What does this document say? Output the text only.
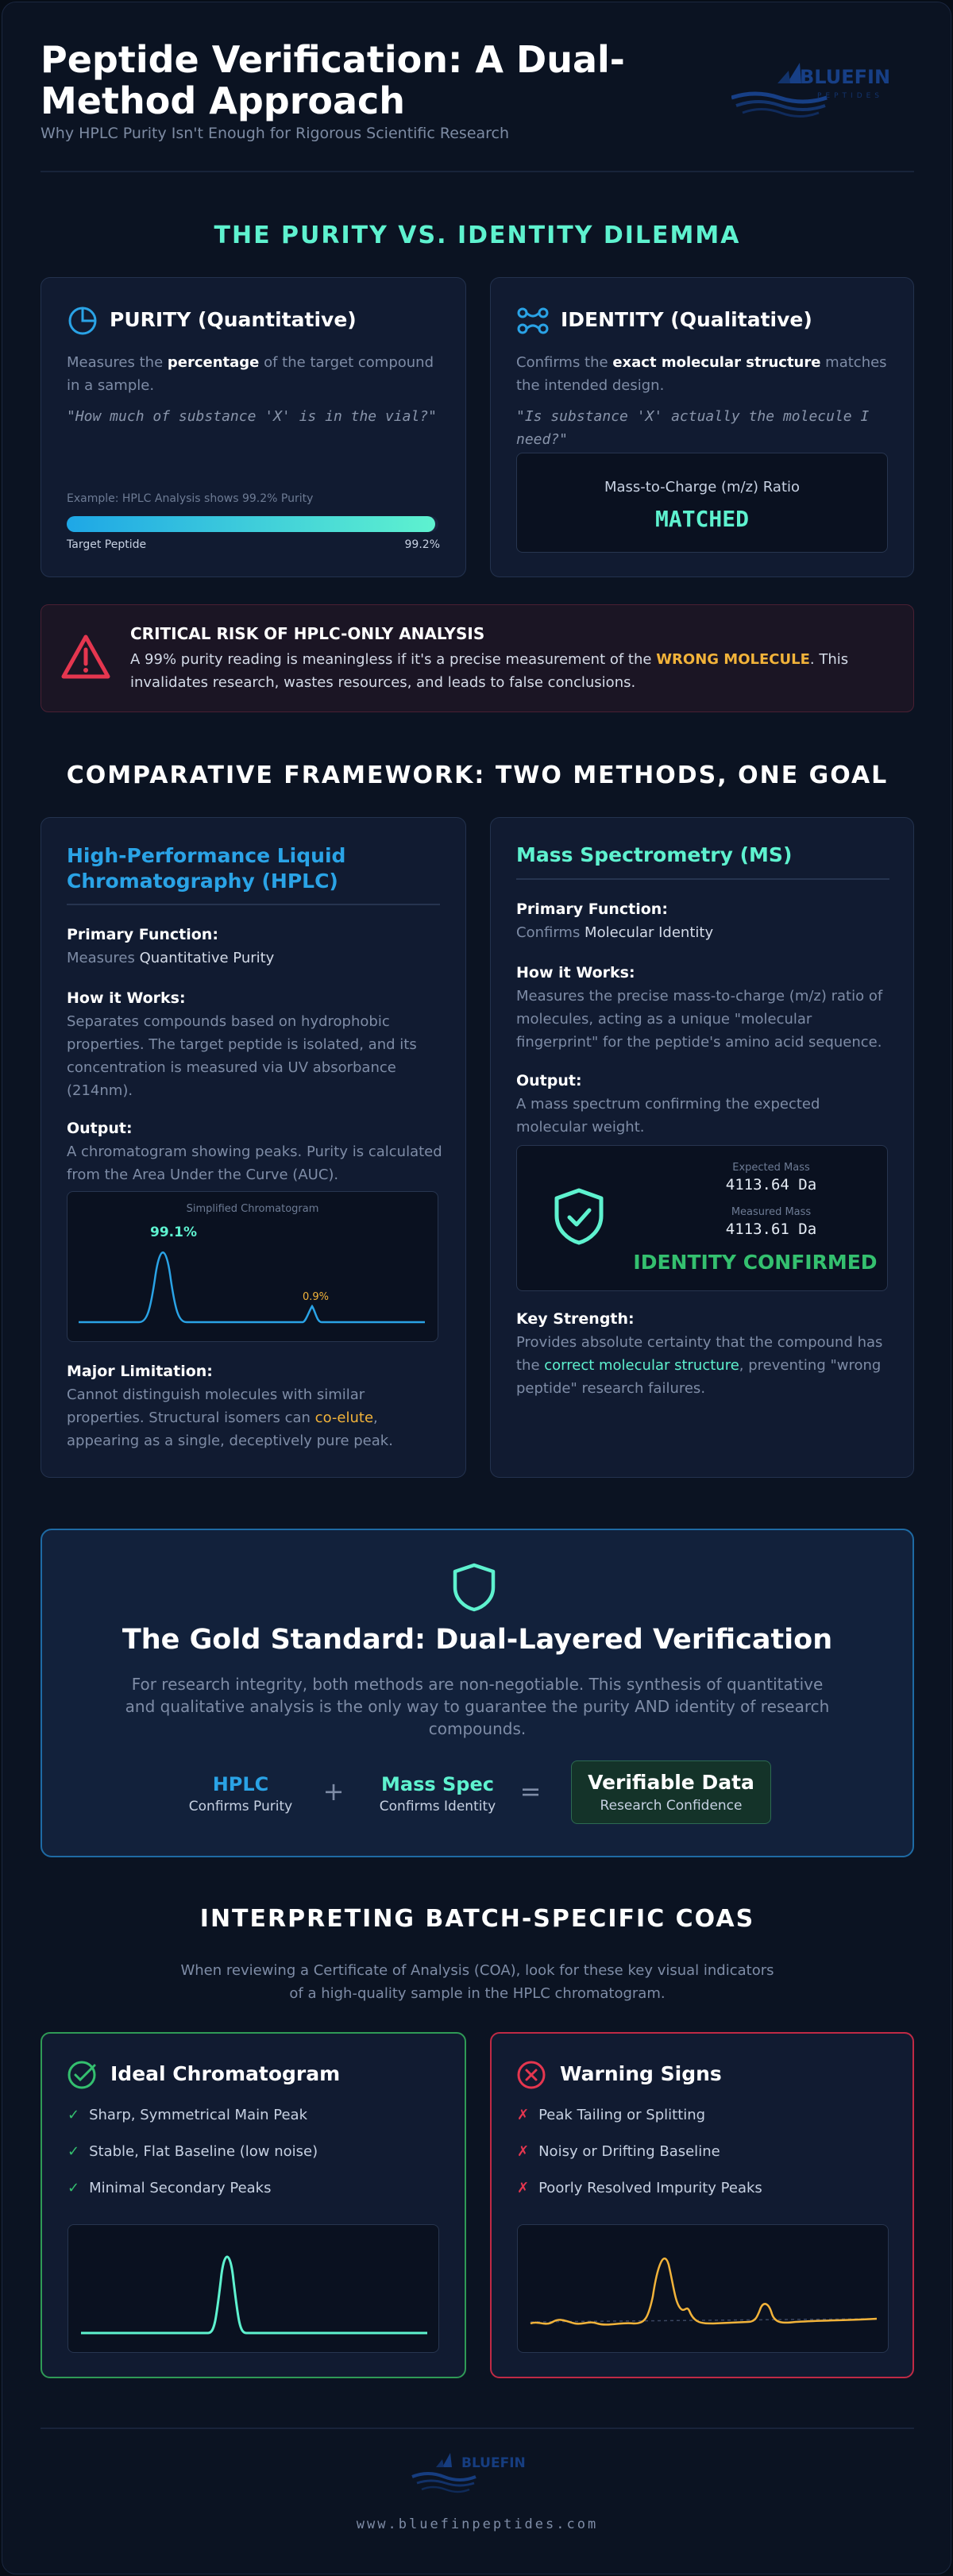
Peptide Verification: A Dual-Method Approach
Why HPLC Purity Isn't Enough for Rigorous Scientific Research
BLUEFIN
PEPTIDES
THE PURITY VS. IDENTITY DILEMMA
PURITY (Quantitative)
Measures the percentage of the target compound in a sample.
"How much of substance 'X' is in the vial?"
Example: HPLC Analysis shows 99.2% Purity
Target Peptide	99.2%
IDENTITY (Qualitative)
Confirms the exact molecular structure matches the intended design.
"Is substance 'X' actually the molecule I need?"
Mass-to-Charge (m/z) Ratio
MATCHED
CRITICAL RISK OF HPLC-ONLY ANALYSIS
A 99% purity reading is meaningless if it's a precise measurement of the WRONG MOLECULE. This invalidates research, wastes resources, and leads to false conclusions.
COMPARATIVE FRAMEWORK: TWO METHODS, ONE GOAL
High-Performance Liquid Chromatography (HPLC)
Primary Function:
Measures Quantitative Purity
How it Works:
Separates compounds based on hydrophobic properties. The target peptide is isolated, and its concentration is measured via UV absorbance (214nm).
Output:
A chromatogram showing peaks. Purity is calculated from the Area Under the Curve (AUC).
Simplified Chromatogram
99.1%
0.9%
Major Limitation:
Cannot distinguish molecules with similar properties. Structural isomers can co-elute, appearing as a single, deceptively pure peak.
Mass Spectrometry (MS)
Primary Function:
Confirms Molecular Identity
How it Works:
Measures the precise mass-to-charge (m/z) ratio of molecules, acting as a unique "molecular fingerprint" for the peptide's amino acid sequence.
Output:
A mass spectrum confirming the expected molecular weight.
Expected Mass
4113.64 Da
Measured Mass
4113.61 Da
IDENTITY CONFIRMED
Key Strength:
Provides absolute certainty that the compound has the correct molecular structure, preventing "wrong peptide" research failures.
The Gold Standard: Dual-Layered Verification
For research integrity, both methods are non-negotiable. This synthesis of quantitative and qualitative analysis is the only way to guarantee the purity AND identity of research compounds.
HPLC
Confirms Purity	+	Mass Spec
Confirms Identity =	Verifiable Data
Research Confidence
INTERPRETING BATCH-SPECIFIC COAS
When reviewing a Certificate of Analysis (COA), look for these key visual indicators of a high-quality sample in the HPLC chromatogram.
Ideal Chromatogram
✓ Sharp, Symmetrical Main Peak
✓ Stable, Flat Baseline (low noise)
✓ Minimal Secondary Peaks
Warning Signs
✗ Peak Tailing or Splitting
✗ Noisy or Drifting Baseline
✗ Poorly Resolved Impurity Peaks
BLUEFIN
www.bluefinpeptides.com
